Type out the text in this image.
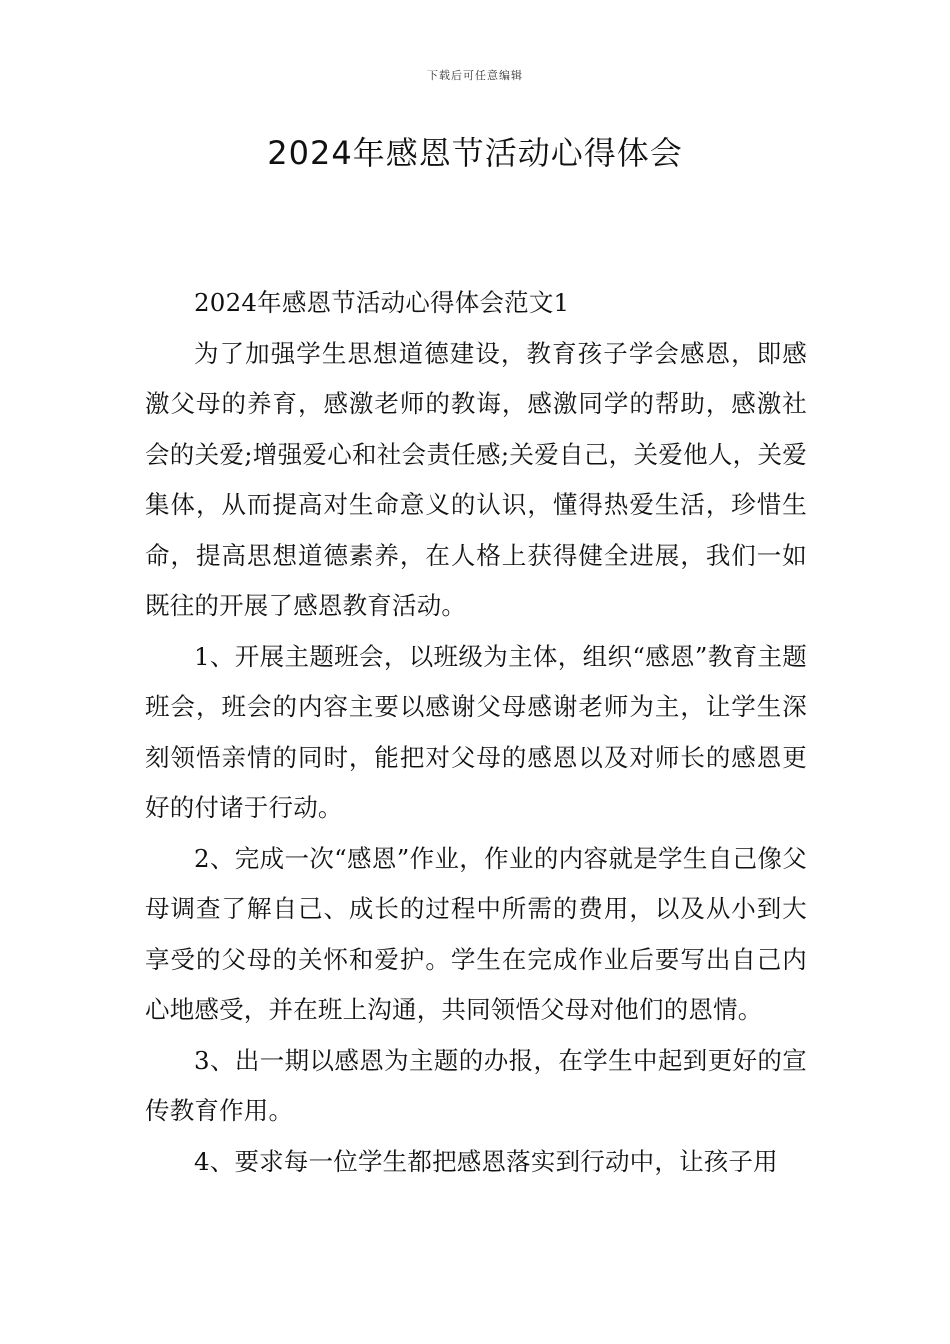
下载后可任意编辑
2024年感恩节活动心得体会

2024年感恩节活动心得体会范文1

为了加强学生思想道德建设，教育孩子学会感恩，即感激父母的养育，感激老师的教诲，感激同学的帮助，感激社会的关爱;增强爱心和社会责任感;关爱自己，关爱他人，关爱集体，从而提高对生命意义的认识，懂得热爱生活，珍惜生命，提高思想道德素养，在人格上获得健全进展，我们一如既往的开展了感恩教育活动。

1、开展主题班会，以班级为主体，组织“感恩”教育主题班会，班会的内容主要以感谢父母感谢老师为主，让学生深刻领悟亲情的同时，能把对父母的感恩以及对师长的感恩更好的付诸于行动。

2、完成一次“感恩”作业，作业的内容就是学生自己像父母调查了解自己、成长的过程中所需的费用，以及从小到大享受的父母的关怀和爱护。学生在完成作业后要写出自己内心地感受，并在班上沟通，共同领悟父母对他们的恩情。

3、出一期以感恩为主题的办报，在学生中起到更好的宣传教育作用。

4、要求每一位学生都把感恩落实到行动中，让孩子用
